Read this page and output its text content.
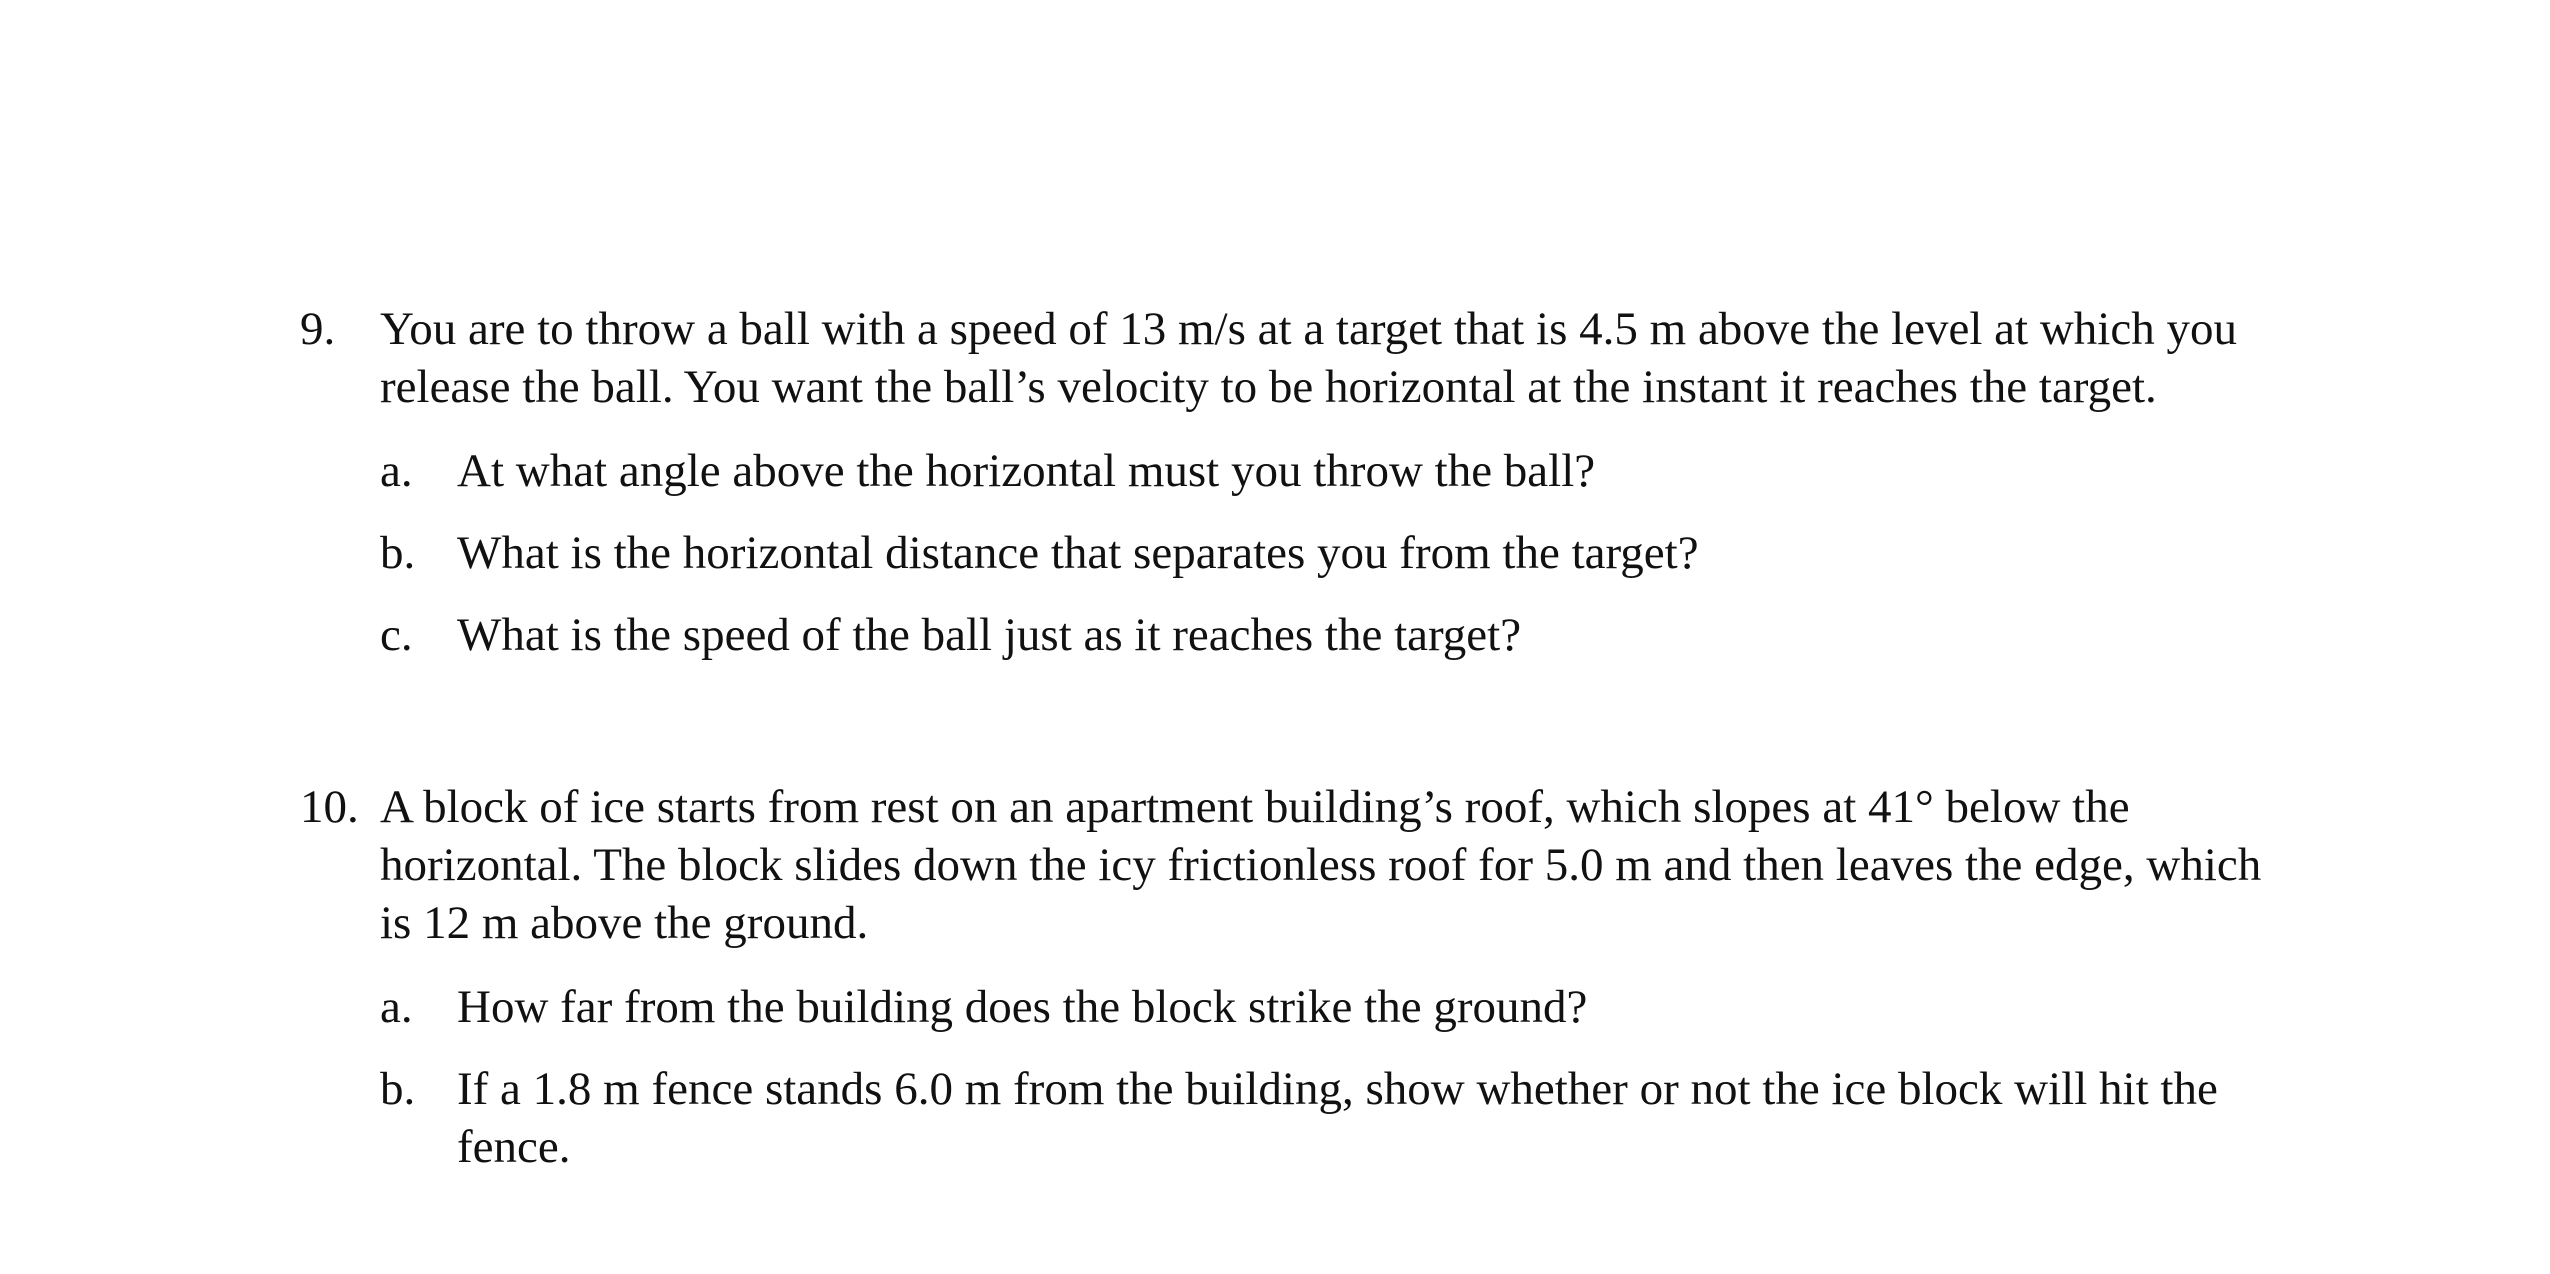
9. You are to throw a ball with a speed of 13 m/s at a target that is 4.5 m above the level at which you release the ball. You want the ball’s velocity to be horizontal at the instant it reaches the target.
a. At what angle above the horizontal must you throw the ball?
b. What is the horizontal distance that separates you from the target?
c. What is the speed of the ball just as it reaches the target?
10. A block of ice starts from rest on an apartment building’s roof, which slopes at 41° below the horizontal. The block slides down the icy frictionless roof for 5.0 m and then leaves the edge, which is 12 m above the ground.
a. How far from the building does the block strike the ground?
b. If a 1.8 m fence stands 6.0 m from the building, show whether or not the ice block will hit the fence.
